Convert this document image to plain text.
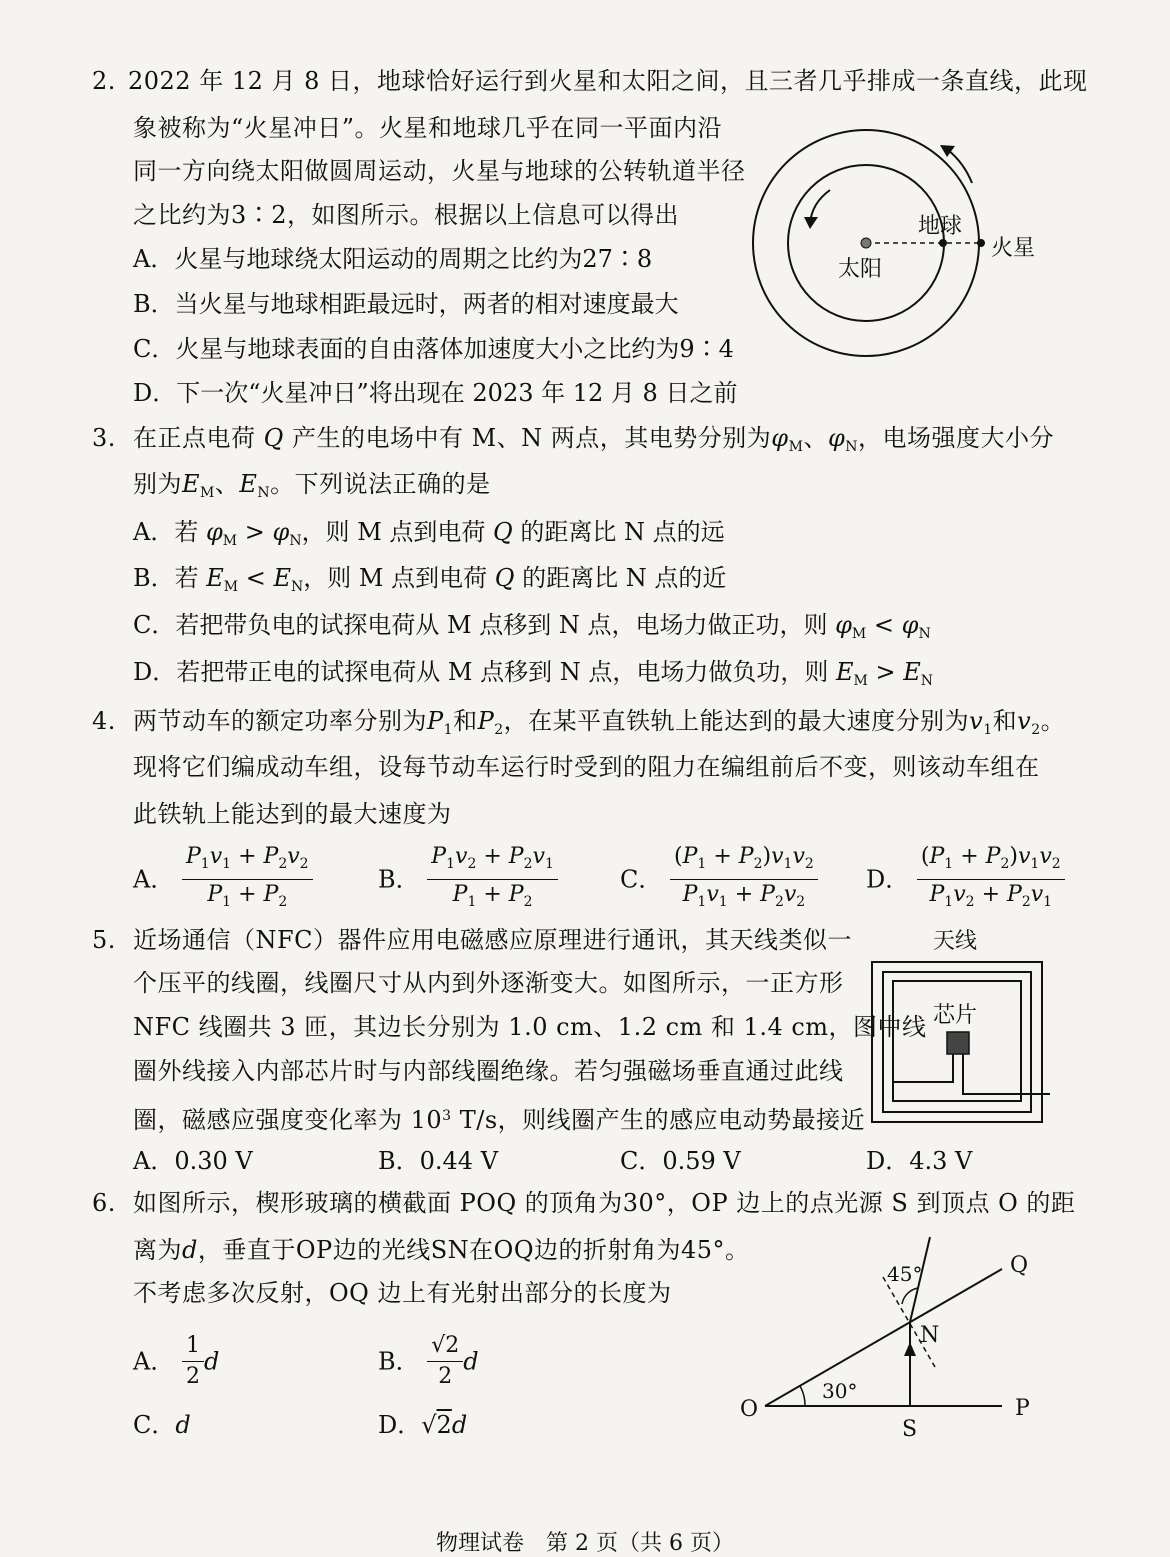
2. 2022 年 12 月 8 日，地球恰好运行到火星和太阳之间，且三者几乎排成一条直线，此现
象被称为“火星冲日”。火星和地球几乎在同一平面内沿
同一方向绕太阳做圆周运动，火星与地球的公转轨道半径
之比约为3∶2，如图所示。根据以上信息可以得出
A．火星与地球绕太阳运动的周期之比约为27∶8
B．当火星与地球相距最远时，两者的相对速度最大
C．火星与地球表面的自由落体加速度大小之比约为9∶4
D．下一次“火星冲日”将出现在 2023 年 12 月 8 日之前
太阳
地球
火星
3. 在正点电荷 Q 产生的电场中有 M、N 两点，其电势分别为$\varphi_M$、$\varphi_N$，电场强度大小分
别为$E_M$、$E_N$。下列说法正确的是
A．若 $\varphi_M > \varphi_N$，则 M 点到电荷 Q 的距离比 N 点的远
B．若 $E_M < E_N$，则 M 点到电荷 Q 的距离比 N 点的近
C．若把带负电的试探电荷从 M 点移到 N 点，电场力做正功，则 $\varphi_M < \varphi_N$
D．若把带正电的试探电荷从 M 点移到 N 点，电场力做负功，则 $E_M > E_N$
4. 两节动车的额定功率分别为$P_1$和$P_2$，在某平直铁轨上能达到的最大速度分别为$v_1$和$v_2$。
现将它们编成动车组，设每节动车运行时受到的阻力在编组前后不变，则该动车组在
此铁轨上能达到的最大速度为
A． $\frac{P_1v_1 + P_2v_2}{P_1 + P_2}$	B． $\frac{P_1v_2 + P_2v_1}{P_1 + P_2}$	C． $\frac{(P_1 + P_2)v_1v_2}{P_1v_1 + P_2v_2}$ D． $\frac{(P_1 + P_2)v_1v_2}{P_1v_2 + P_2v_1}$
5. 近场通信（NFC）器件应用电磁感应原理进行通讯，其天线类似一
个压平的线圈，线圈尺寸从内到外逐渐变大。如图所示，一正方形
NFC 线圈共 3 匝，其边长分别为 1.0 cm、1.2 cm 和 1.4 cm，图中线
圈外线接入内部芯片时与内部线圈绝缘。若匀强磁场垂直通过此线
圈，磁感应强度变化率为 $10^3$ T/s，则线圈产生的感应电动势最接近
A．0.30 V	B．0.44 V	C．0.59 V	D．4.3 V
天线
芯片
6. 如图所示，楔形玻璃的横截面 POQ 的顶角为30°，OP 边上的点光源 S 到顶点 O 的距
离为d，垂直于OP边的光线SN在OQ边的折射角为45°。
不考虑多次反射，OQ 边上有光射出部分的长度为
A． $\frac{1}{2}$ d	B． $\frac{√2}{2}$ d
C．d	D．√2d
O	P
Q
S
N
30°
45°
物理试卷　第 2 页（共 6 页）
